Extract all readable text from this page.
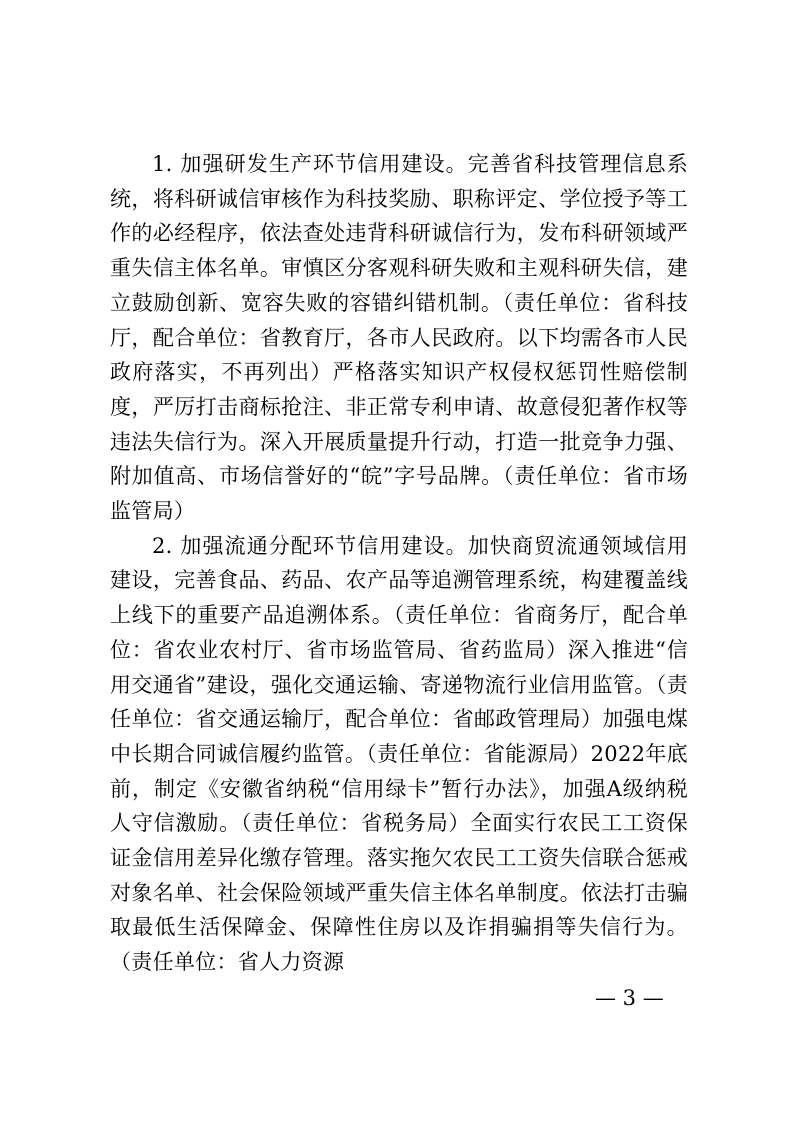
1. 加强研发生产环节信用建设。完善省科技管理信息系统，将科研诚信审核作为科技奖励、职称评定、学位授予等工作的必经程序，依法查处违背科研诚信行为，发布科研领域严重失信主体名单。审慎区分客观科研失败和主观科研失信，建立鼓励创新、宽容失败的容错纠错机制。（责任单位：省科技厅，配合单位：省教育厅，各市人民政府。以下均需各市人民政府落实，不再列出）严格落实知识产权侵权惩罚性赔偿制度，严厉打击商标抢注、非正常专利申请、故意侵犯著作权等违法失信行为。深入开展质量提升行动，打造一批竞争力强、附加值高、市场信誉好的“皖”字号品牌。（责任单位：省市场监管局）

2. 加强流通分配环节信用建设。加快商贸流通领域信用建设，完善食品、药品、农产品等追溯管理系统，构建覆盖线上线下的重要产品追溯体系。（责任单位：省商务厅，配合单位：省农业农村厅、省市场监管局、省药监局）深入推进“信用交通省”建设，强化交通运输、寄递物流行业信用监管。（责任单位：省交通运输厅，配合单位：省邮政管理局）加强电煤中长期合同诚信履约监管。（责任单位：省能源局）2022年底前，制定《安徽省纳税“信用绿卡”暂行办法》，加强A级纳税人守信激励。（责任单位：省税务局）全面实行农民工工资保证金信用差异化缴存管理。落实拖欠农民工工资失信联合惩戒对象名单、社会保险领域严重失信主体名单制度。依法打击骗取最低生活保障金、保障性住房以及诈捐骗捐等失信行为。（责任单位：省人力资源

— 3 —
